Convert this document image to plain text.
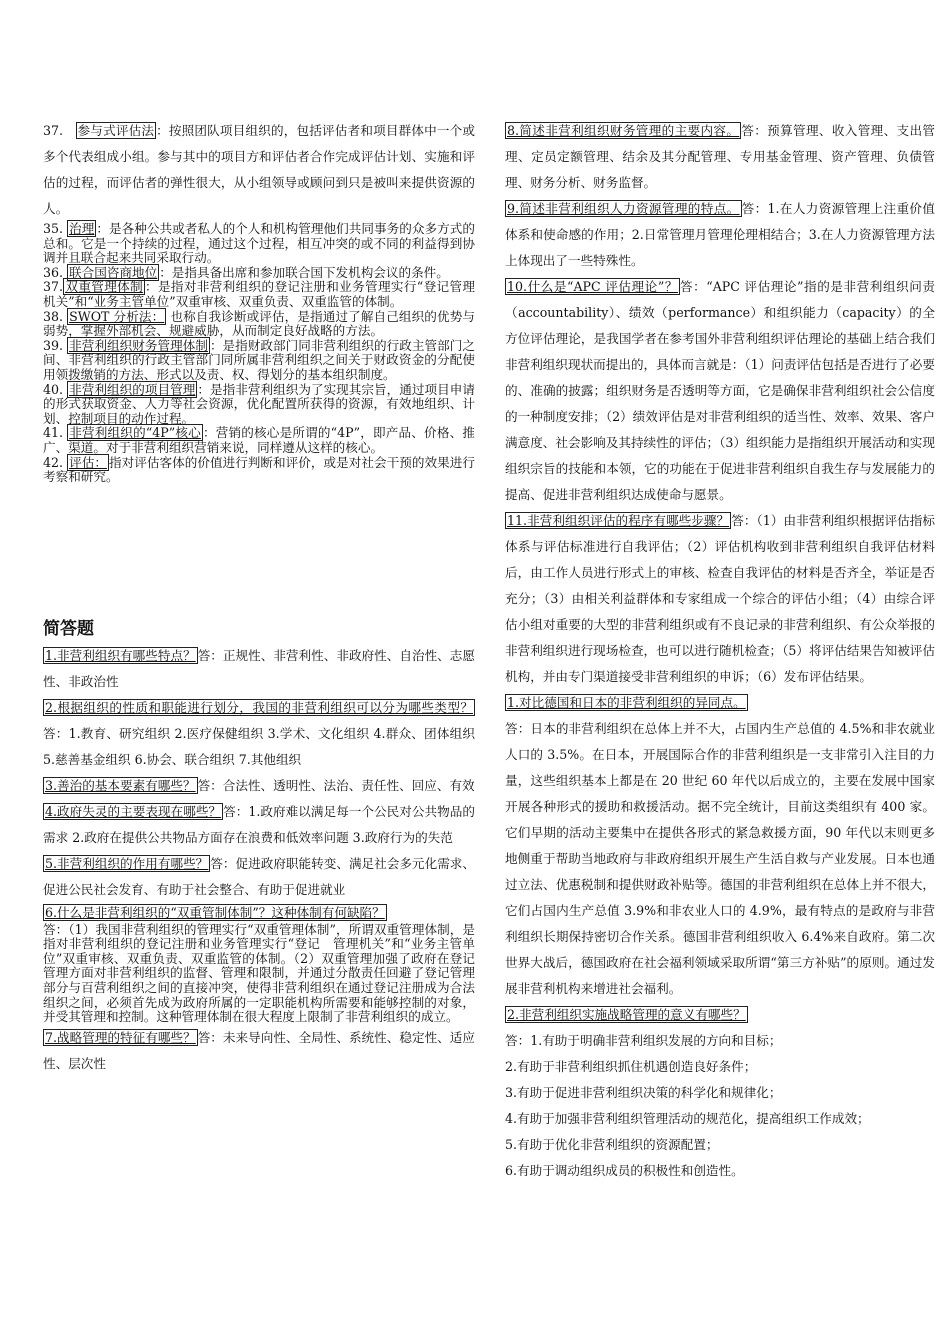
37. 参与式评估法 ：按照团队项目组织的，包括评估者和项目群体中一个或多个代表组成小组。参与其中的项目方和评估者合作完成评估计划、实施和评估的过程，而评估者的弹性很大，从小组领导或顾问到只是被叫来提供资源的人。

35. 治理 ：是各种公共或者私人的个人和机构管理他们共同事务的众多方式的总和。它是一个持续的过程，通过这个过程，相互冲突的或不同的利益得到协调并且联合起来共同采取行动。

36. 联合国咨商地位 ：是指具备出席和参加联合国下发机构会议的条件。

37. 双重管理体制 ：是指对非营利组织的登记注册和业务管理实行“登记管理机关”和“业务主管单位”双重审核、双重负责、双重监管的体制。

38. SWOT 分析法： 也称自我诊断或评估，是指通过了解自己组织的优势与弱势，掌握外部机会、规避威胁，从而制定良好战略的方法。

39. 非营利组织财务管理体制 ：是指财政部门同非营利组织的行政主管部门之间、非营利组织的行政主管部门同所属非营利组织之间关于财政资金的分配使用领拨缴销的方法、形式以及责、权、得划分的基本组织制度。

40. 非营利组织的项目管理 ：是指非营利组织为了实现其宗旨，通过项目申请的形式获取资金、人力等社会资源，优化配置所获得的资源，有效地组织、计划、控制项目的动作过程。

41. 非营利组织的“4P”核心 ：营销的核心是所谓的“4P”，即产品、价格、推广、渠道。对于非营利组织营销来说，同样遵从这样的核心。

42. 评估： 指对评估客体的价值进行判断和评价，或是对社会干预的效果进行考察和研究。

简答题

1.非营利组织有哪些特点？ 答：正规性、非营利性、非政府性、自治性、志愿性、非政治性

2.根据组织的性质和职能进行划分，我国的非营利组织可以分为哪些类型？答：1.教育、研究组织 2.医疗保健组织 3.学术、文化组织 4.群众、团体组织 5.慈善基金组织 6.协会、联合组织 7.其他组织

3.善治的基本要素有哪些？ 答：合法性、透明性、法治、责任性、回应、有效

4.政府失灵的主要表现在哪些？ 答：1.政府难以满足每一个公民对公共物品的需求 2.政府在提供公共物品方面存在浪费和低效率问题 3.政府行为的失范

5.非营利组织的作用有哪些？ 答：促进政府职能转变、满足社会多元化需求、促进公民社会发育、有助于社会整合、有助于促进就业

6.什么是非营利组织的“双重管制体制”？这种体制有何缺陷？

答：（1）我国非营利组织的管理实行“双重管理体制”，所谓双重管理体制，是指对非营利组织的登记注册和业务管理实行“登记　管理机关”和“业务主管单位”双重审核、双重负责、双重监管的体制。（2）双重管理加强了政府在登记管理方面对非营利组织的监督、管理和限制，并通过分散责任回避了登记管理部分与百营利组织之间的直接冲突，使得非营利组织在通过登记注册成为合法组织之间，必须首先成为政府所属的一定职能机构所需要和能够控制的对象，并受其管理和控制。这种管理体制在很大程度上限制了非营利组织的成立。

7.战略管理的特征有哪些？ 答：未来导向性、全局性、系统性、稳定性、适应性、层次性

8.简述非营利组织财务管理的主要内容。 答：预算管理、收入管理、支出管理、定员定额管理、结余及其分配管理、专用基金管理、资产管理、负债管理、财务分析、财务监督。

9.简述非营利组织人力资源管理的特点。 答：1.在人力资源管理上注重价值体系和使命感的作用；2.日常管理月管理伦理相结合；3.在人力资源管理方法上体现出了一些特殊性。

10.什么是“APC 评估理论”？ 答：“APC 评估理论”指的是非营利组织问责（accountability）、绩效（performance）和组织能力（capacity）的全方位评估理论，是我国学者在参考国外非营利组织评估理论的基础上结合我们非营利组织现状而提出的，具体而言就是：（1）问责评估包括是否进行了必要的、准确的披露；组织财务是否透明等方面，它是确保非营利组织社会公信度的一种制度安排；（2）绩效评估是对非营利组织的适当性、效率、效果、客户满意度、社会影响及其持续性的评估；（3）组织能力是指组织开展活动和实现组织宗旨的技能和本领，它的功能在于促进非营利组织自我生存与发展能力的提高、促进非营利组织达成使命与愿景。

11.非营利组织评估的程序有哪些步骤？ 答：（1）由非营利组织根据评估指标体系与评估标准进行自我评估；（2）评估机构收到非营利组织自我评估材料后，由工作人员进行形式上的审核、检查自我评估的材料是否齐全，举证是否充分；（3）由相关利益群体和专家组成一个综合的评估小组；（4）由综合评估小组对重要的大型的非营利组织或有不良记录的非营利组织、有公众举报的非营利组织进行现场检查，也可以进行随机检查；（5）将评估结果告知被评估机构，并由专门渠道接受非营利组织的申诉；（6）发布评估结果。

1.对比德国和日本的非营利组织的异同点。
答：日本的非营利组织在总体上并不大，占国内生产总值的 4.5%和非农就业人口的 3.5%。在日本，开展国际合作的非营利组织是一支非常引入注目的力量，这些组织基本上都是在 20 世纪 60 年代以后成立的，主要在发展中国家开展各种形式的援助和救援活动。据不完全统计，目前这类组织有 400 家。它们早期的活动主要集中在提供各形式的紧急救援方面，90 年代以末则更多地侧重于帮助当地政府与非政府组织开展生产生活自救与产业发展。日本也通过立法、优惠税制和提供财政补贴等。德国的非营利组织在总体上并不很大，它们占国内生产总值 3.9%和非农业人口的 4.9%，最有特点的是政府与非营利组织长期保持密切合作关系。德国非营利组织收入 6.4%来自政府。第二次世界大战后，德国政府在社会福利领域采取所谓“第三方补贴”的原则。通过发展非营利机构来增进社会福利。

2.非营利组织实施战略管理的意义有哪些？

答：1.有助于明确非营利组织发展的方向和目标；
2.有助于非营利组织抓住机遇创造良好条件；
3.有助于促进非营利组织决策的科学化和规律化；
4.有助于加强非营利组织管理活动的规范化，提高组织工作成效；
5.有助于优化非营利组织的资源配置；
6.有助于调动组织成员的积极性和创造性。
